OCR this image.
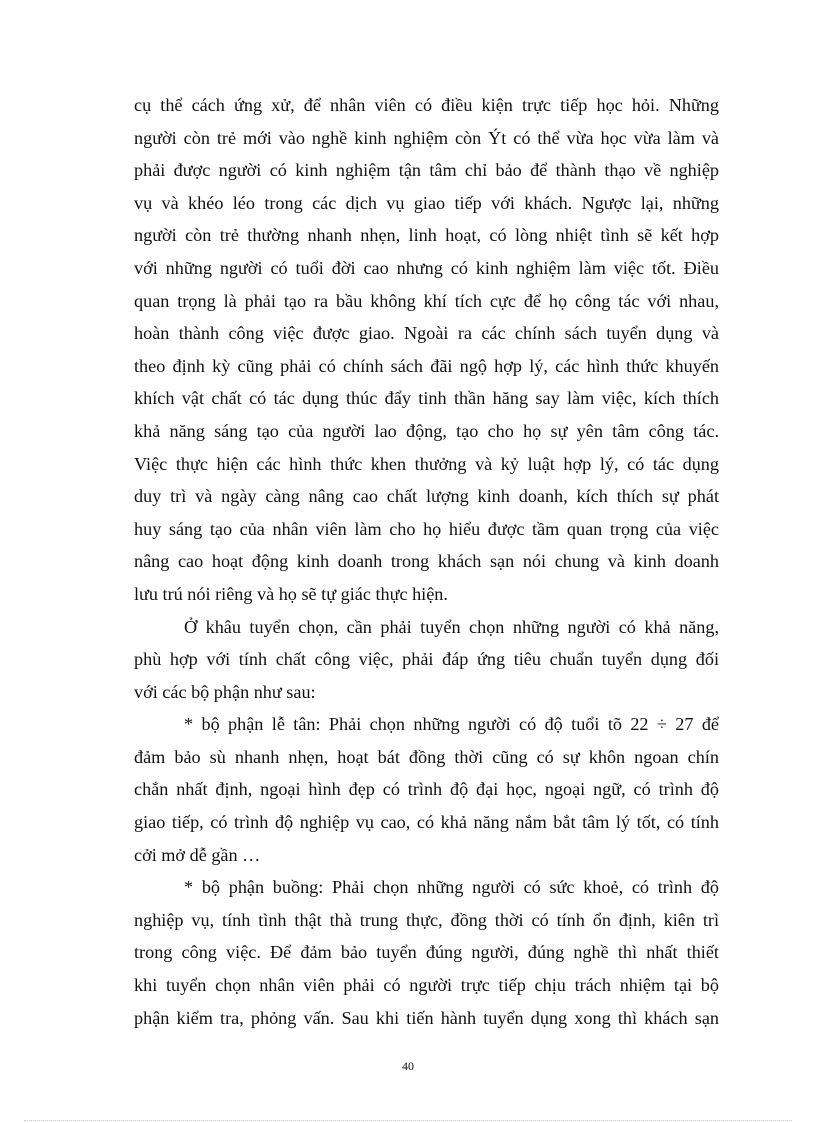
cụ thể cách ứng xử, để nhân viên có điều kiện trực tiếp học hỏi. Những
người còn trẻ mới vào nghề kinh nghiệm còn Ýt có thể vừa học vừa làm và
phải được người có kinh nghiệm tận tâm chỉ bảo để thành thạo về nghiệp
vụ và khéo léo trong các dịch vụ giao tiếp với khách. Ngược lại, những
người còn trẻ thường nhanh nhẹn, linh hoạt, có lòng nhiệt tình sẽ kết hợp
với những người có tuổi đời cao nhưng có kinh nghiệm làm việc tốt. Điều
quan trọng là phải tạo ra bầu không khí tích cực để họ công tác với nhau,
hoàn thành công việc được giao. Ngoài ra các chính sách tuyển dụng và
theo định kỳ cũng phải có chính sách đãi ngộ hợp lý, các hình thức khuyến
khích vật chất có tác dụng thúc đẩy tinh thần hăng say làm việc, kích thích
khả năng sáng tạo của người lao động, tạo cho họ sự yên tâm công tác.
Việc thực hiện các hình thức khen thưởng và kỷ luật hợp lý, có tác dụng
duy trì và ngày càng nâng cao chất lượng kinh doanh, kích thích sự phát
huy sáng tạo của nhân viên làm cho họ hiểu được tầm quan trọng của việc
nâng cao hoạt động kinh doanh trong khách sạn nói chung và kinh doanh
lưu trú nói riêng và họ sẽ tự giác thực hiện.
Ở khâu tuyển chọn, cần phải tuyển chọn những người có khả năng,
phù hợp với tính chất công việc, phải đáp ứng tiêu chuẩn tuyển dụng đối
với các bộ phận như sau:
* bộ phận lễ tân: Phải chọn những người có độ tuổi tõ 22 ÷ 27 để
đảm bảo sù nhanh nhẹn, hoạt bát đồng thời cũng có sự khôn ngoan chín
chắn nhất định, ngoại hình đẹp có trình độ đại học, ngoại ngữ, có trình độ
giao tiếp, có trình độ nghiệp vụ cao, có khả năng nắm bắt tâm lý tốt, có tính
cởi mở dễ gần …
* bộ phận buồng: Phải chọn những người có sức khoẻ, có trình độ
nghiệp vụ, tính tình thật thà trung thực, đồng thời có tính ổn định, kiên trì
trong công việc. Để đảm bảo tuyển đúng người, đúng nghề thì nhất thiết
khi tuyển chọn nhân viên phải có người trực tiếp chịu trách nhiệm tại bộ
phận kiểm tra, phỏng vấn. Sau khi tiến hành tuyển dụng xong thì khách sạn
40
